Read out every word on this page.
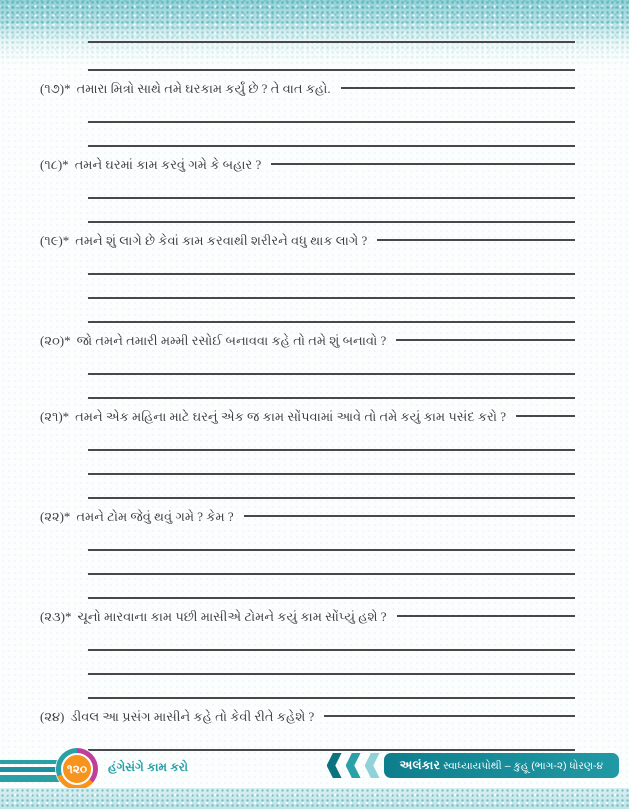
(૧૭)* તમારા મિત્રો સાથે તમે ઘરકામ કર્યું છે ? તે વાત કહો.
(૧૮)* તમને ઘરમાં કામ કરવું ગમે કે બહાર ?
(૧૯)* તમને શું લાગે છે કેવાં કામ કરવાથી શરીરને વધુ થાક લાગે ?
(૨૦)* જો તમને તમારી મમ્મી રસોઈ બનાવવા કહે તો તમે શું બનાવો ?
(૨૧)* તમને એક મહિના માટે ઘરનું એક જ કામ સોંપવામાં આવે તો તમે કયું કામ પસંદ કરો ?
(૨૨)* તમને ટોમ જેવું થવું ગમે ? કેમ ?
(૨૩)* ચૂનો મારવાના કામ પછી માસીએ ટોમને કયું કામ સોંપ્યું હશે ?
(૨૪) ડીવલ આ પ્રસંગ માસીને કહે તો કેવી રીતે કહેશે ?
૧૨૦	હંગેસંગે કામ કરો	અલંકાર સ્વાધ્યાયપોથી – કુહૂ (ભાગ-૨) ધોરણ-૪
